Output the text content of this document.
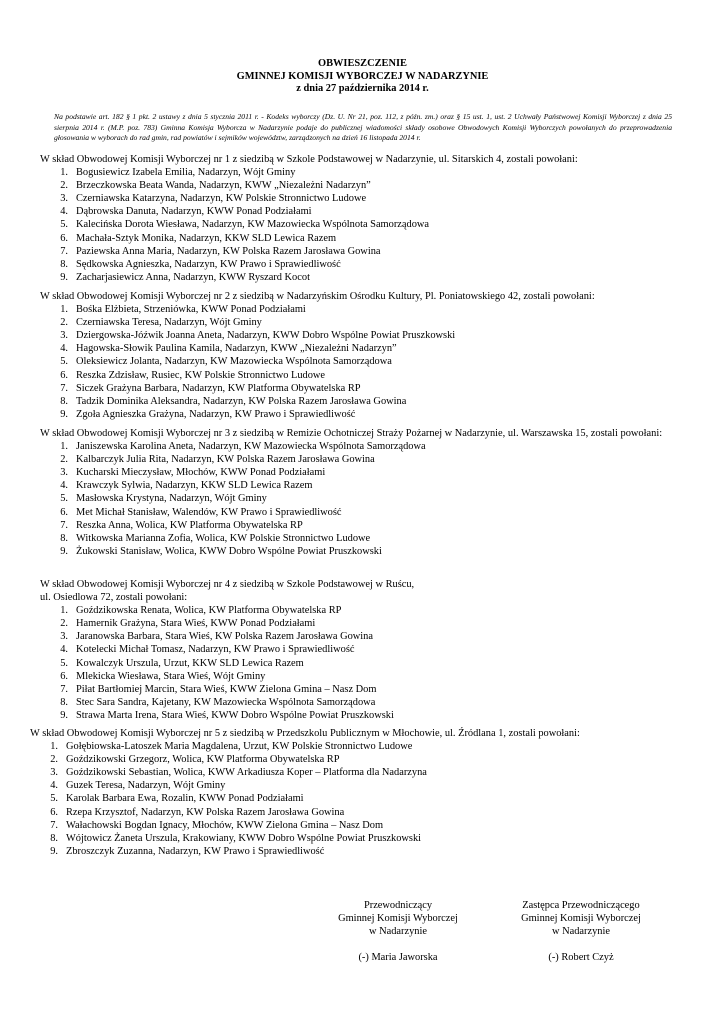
OBWIESZCZENIE
GMINNEJ KOMISJI WYBORCZEJ W NADARZYNIE
z dnia 27 października 2014 r.
Na podstawie art. 182 § 1 pkt. 2 ustawy z dnia 5 stycznia 2011 r. - Kodeks wyborczy (Dz. U. Nr 21, poz. 112, z późn. zm.) oraz § 15 ust. 1, ust. 2 Uchwały Państwowej Komisji Wyborczej z dnia 25 sierpnia 2014 r. (M.P. poz. 783) Gminna Komisja Wyborcza w Nadarzynie podaje do publicznej wiadomości składy osobowe Obwodowych Komisji Wyborczych powołanych do przeprowadzenia głosowania w wyborach do rad gmin, rad powiatów i sejmików województw, zarządzonych na dzień 16 listopada 2014 r.

W skład Obwodowej Komisji Wyborczej nr 1 z siedzibą w Szkole Podstawowej w Nadarzynie, ul. Sitarskich 4, zostali powołani:

1. Bogusiewicz Izabela Emilia, Nadarzyn, Wójt Gminy
2. Brzeczkowska Beata Wanda, Nadarzyn, KWW „Niezależni Nadarzyn”
3. Czerniawska Katarzyna, Nadarzyn, KW Polskie Stronnictwo Ludowe
4. Dąbrowska Danuta, Nadarzyn, KWW Ponad Podziałami
5. Kalecińska Dorota Wiesława, Nadarzyn, KW Mazowiecka Wspólnota Samorządowa
6. Machała-Sztyk Monika, Nadarzyn, KKW SLD Lewica Razem
7. Paziewska Anna Maria, Nadarzyn, KW Polska Razem Jarosława Gowina
8. Sędkowska Agnieszka, Nadarzyn, KW Prawo i Sprawiedliwość
9. Zacharjasiewicz Anna, Nadarzyn, KWW Ryszard Kocot

W skład Obwodowej Komisji Wyborczej nr 2 z siedzibą w Nadarzyńskim Ośrodku Kultury, Pl. Poniatowskiego 42, zostali powołani:

1. Bośka Elżbieta, Strzeniówka, KWW Ponad Podziałami
2. Czerniawska Teresa, Nadarzyn, Wójt Gminy
3. Dziergowska-Jóźwik Joanna Aneta, Nadarzyn, KWW Dobro Wspólne Powiat Pruszkowski
4. Hagowska-Słowik Paulina Kamila, Nadarzyn, KWW „Niezależni Nadarzyn”
5. Oleksiewicz Jolanta, Nadarzyn, KW Mazowiecka Wspólnota Samorządowa
6. Reszka Zdzisław, Rusiec, KW Polskie Stronnictwo Ludowe
7. Siczek Grażyna Barbara, Nadarzyn, KW Platforma Obywatelska RP
8. Tadzik Dominika Aleksandra, Nadarzyn, KW Polska Razem Jarosława Gowina
9. Zgoła Agnieszka Grażyna, Nadarzyn, KW Prawo i Sprawiedliwość

W skład Obwodowej Komisji Wyborczej nr 3 z siedzibą w Remizie Ochotniczej Straży Pożarnej w Nadarzynie, ul. Warszawska 15, zostali powołani:

1. Janiszewska Karolina Aneta, Nadarzyn, KW Mazowiecka Wspólnota Samorządowa
2. Kalbarczyk Julia Rita, Nadarzyn, KW Polska Razem Jarosława Gowina
3. Kucharski Mieczysław, Młochów, KWW Ponad Podziałami
4. Krawczyk Sylwia, Nadarzyn, KKW SLD Lewica Razem
5. Masłowska Krystyna, Nadarzyn, Wójt Gminy
6. Met Michał Stanisław, Walendów, KW Prawo i Sprawiedliwość
7. Reszka Anna, Wolica, KW Platforma Obywatelska RP
8. Witkowska Marianna Zofia, Wolica, KW Polskie Stronnictwo Ludowe
9. Żukowski Stanisław, Wolica, KWW Dobro Wspólne Powiat Pruszkowski

W skład Obwodowej Komisji Wyborczej nr 4 z siedzibą w Szkole Podstawowej w Ruścu,

ul. Osiedlowa 72, zostali powołani:

1. Goździkowska Renata, Wolica, KW Platforma Obywatelska RP
2. Hamernik Grażyna, Stara Wieś, KWW Ponad Podziałami
3. Jaranowska Barbara, Stara Wieś, KW Polska Razem Jarosława Gowina
4. Kotelecki Michał Tomasz, Nadarzyn, KW Prawo i Sprawiedliwość
5. Kowalczyk Urszula, Urzut, KKW SLD Lewica Razem
6. Mlekicka Wiesława, Stara Wieś, Wójt Gminy
7. Piłat Bartłomiej Marcin, Stara Wieś, KWW Zielona Gmina – Nasz Dom
8. Stec Sara Sandra, Kajetany, KW Mazowiecka Wspólnota Samorządowa
9. Strawa Marta Irena, Stara Wieś, KWW Dobro Wspólne Powiat Pruszkowski

W skład Obwodowej Komisji Wyborczej nr 5 z siedzibą w Przedszkolu Publicznym w Młochowie, ul. Źródlana 1, zostali powołani:

1. Gołębiowska-Latoszek Maria Magdalena, Urzut, KW Polskie Stronnictwo Ludowe
2. Goździkowski Grzegorz, Wolica, KW Platforma Obywatelska RP
3. Goździkowski Sebastian, Wolica, KWW Arkadiusza Koper – Platforma dla Nadarzyna
4. Guzek Teresa, Nadarzyn, Wójt Gminy
5. Karolak Barbara Ewa, Rozalin, KWW Ponad Podziałami
6. Rzepa Krzysztof, Nadarzyn, KW Polska Razem Jarosława Gowina
7. Wałachowski Bogdan Ignacy, Młochów, KWW Zielona Gmina – Nasz Dom
8. Wójtowicz Żaneta Urszula, Krakowiany, KWW Dobro Wspólne Powiat Pruszkowski
9. Zbroszczyk Zuzanna, Nadarzyn, KW Prawo i Sprawiedliwość
Przewodniczący
Gminnej Komisji Wyborczej
w Nadarzynie
(-) Maria Jaworska
Zastępca Przewodniczącego
Gminnej Komisji Wyborczej
w Nadarzynie
(-) Robert Czyż
